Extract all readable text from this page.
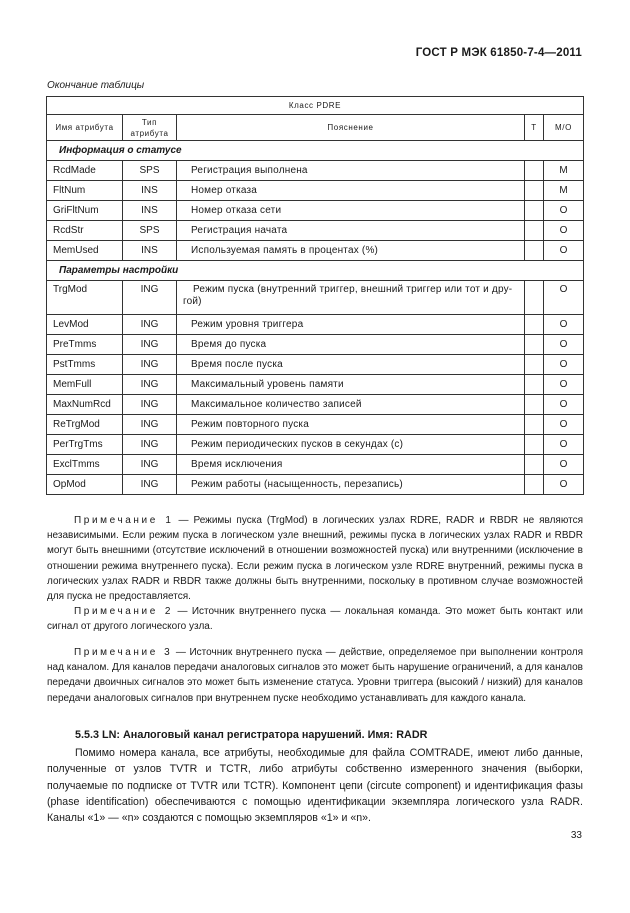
ГОСТ Р МЭК 61850-7-4—2011
Окончание таблицы
Класс PDRE				
Имя атрибута	Тип атрибута	Пояснение	T	M/O
Информация о статусе				
RcdMade	SPS	Регистрация выполнена		M
FltNum	INS	Номер отказа		M
GriFltNum	INS	Номер отказа сети		O
RcdStr	SPS	Регистрация начата		O
MemUsed	INS	Используемая память в процентах (%)		O
Параметры настройки				
TrgMod	ING	Режим пуска (внутренний триггер, внешний триггер или тот и дру-
гой)		O
LevMod	ING	Режим уровня триггера		O
PreTmms	ING	Время до пуска		O
PstTmms	ING	Время после пуска		O
MemFull	ING	Максимальный уровень памяти		O
MaxNumRcd	ING	Максимальное количество записей		O
ReTrgMod	ING	Режим повторного пуска		O
PerTrgTms	ING	Режим периодических пусков в секундах (с)		O
ExclTmms	ING	Время исключения		O
OpMod	ING	Режим работы (насыщенность, перезапись)		O

Примечание 1 — Режимы пуска (TrgMod) в логических узлах RDRE, RADR и RBDR не являются независимыми. Если режим пуска в логическом узле внешний, режимы пуска в логических узлах RADR и RBDR могут быть внешними (отсутствие исключений в отношении возможностей пуска) или внутренними (исключение в отношении режима внутреннего пуска). Если режим пуска в логическом узле RDRE внутренний, режимы пуска в логических узлах RADR и RBDR также должны быть внутренними, поскольку в противном случае возможностей для пуска не предоставляется.

Примечание 2 — Источник внутреннего пуска — локальная команда. Это может быть контакт или сигнал от другого логического узла.

Примечание 3 — Источник внутреннего пуска — действие, определяемое при выполнении контроля над каналом. Для каналов передачи аналоговых сигналов это может быть нарушение ограничений, а для каналов передачи двоичных сигналов это может быть изменение статуса. Уровни триггера (высокий / низкий) для каналов передачи аналоговых сигналов при внутреннем пуске необходимо устанавливать для каждого канала.

5.5.3 LN: Аналоговый канал регистратора нарушений. Имя: RADR

Помимо номера канала, все атрибуты, необходимые для файла COMTRADE, имеют либо данные, полученные от узлов TVTR и TCTR, либо атрибуты собственно измеренного значения (выборки, получаемые по подписке от TVTR или TCTR). Компонент цепи (circute component) и идентификация фазы (phase identification) обеспечиваются с помощью идентификации экземпляра логического узла RADR. Каналы «1» — «n» создаются с помощью экземпляров «1» и «n».

33
